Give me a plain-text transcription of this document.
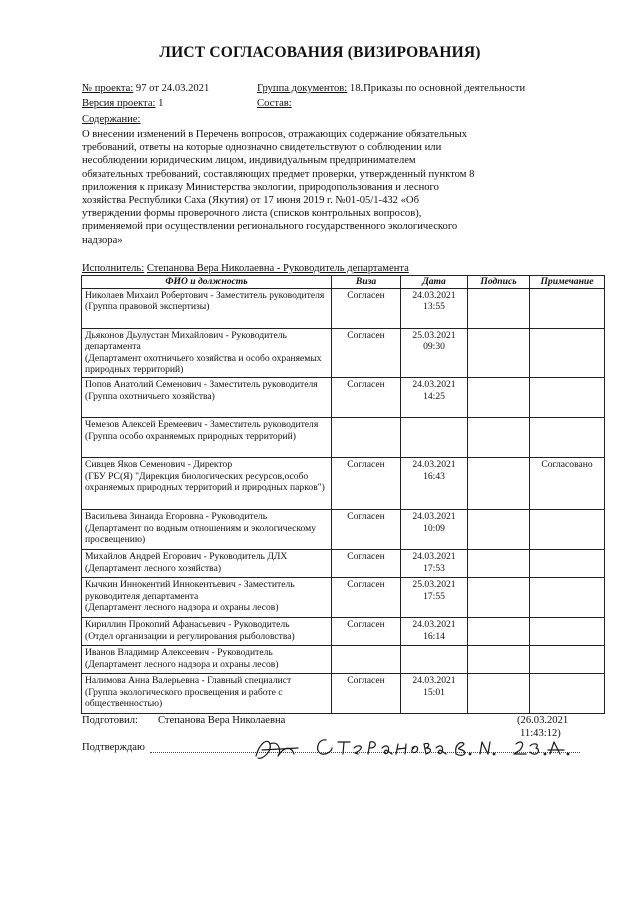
ЛИСТ СОГЛАСОВАНИЯ (ВИЗИРОВАНИЯ)
№ проекта: 97 от 24.03.2021	Группа документов: 18.Приказы по основной деятельности
Версия проекта: 1	Состав:
Содержание:
О внесении изменений в Перечень вопросов, отражающих содержание обязательных требований, ответы на которые однозначно свидетельствуют о соблюдении или несоблюдении юридическим лицом, индивидуальным предпринимателем обязательных требований, составляющих предмет проверки, утвержденный пунктом 8 приложения к приказу Министерства экологии, природопользования и лесного хозяйства Республики Саха (Якутия) от 17 июня 2019 г. №01-05/1-432 «Об утверждении формы проверочного листа (списков контрольных вопросов), применяемой при осуществлении регионального государственного экологического надзора»
Исполнитель: Степанова Вера Николаевна - Руководитель департамента
ФИО и должность	Виза	Дата	Подпись	Примечание
Николаев Михаил Робертович - Заместитель руководителя
(Группа правовой экспертизы)	Согласен	24.03.2021
13:55		
Дьяконов Дьулустан Михайлович - Руководитель департамента
(Департамент охотничьего хозяйства и особо охраняемых природных территорий)	Согласен	25.03.2021
09:30		
Попов Анатолий Семенович - Заместитель руководителя
(Группа охотничьего хозяйства)	Согласен	24.03.2021
14:25		
Чемезов Алексей Еремеевич - Заместитель руководителя
(Группа особо охраняемых природных территорий)				
Сивцев Яков Семенович - Директор
(ГБУ РС(Я) "Дирекция биологических ресурсов,особо охраняемых природных территорий и природных парков")	Согласен	24.03.2021
16:43		Согласовано
Васильева Зинаида Егоровна - Руководитель
(Департамент по водным отношениям и экологическому просвещению)	Согласен	24.03.2021
10:09		
Михайлов Андрей Егорович - Руководитель ДЛХ
(Департамент лесного хозяйства)	Согласен	24.03.2021
17:53		
Кычкин Иннокентий Иннокентьевич - Заместитель руководителя департамента
(Департамент лесного надзора и охраны лесов)	Согласен	25.03.2021
17:55		
Кириллин Прокопий Афанасьевич - Руководитель
(Отдел организации и регулирования рыболовства)	Согласен	24.03.2021
16:14		
Иванов Владимир Алексеевич - Руководитель
(Департамент лесного надзора и охраны лесов)				
Налимова Анна Валерьевна - Главный специалист
(Группа экологического просвещения и работе с общественностью)	Согласен	24.03.2021
15:01		
Подготовил: Степанова Вера Николаевна	(26.03.2021
11:43:12)
Подтверждаю
